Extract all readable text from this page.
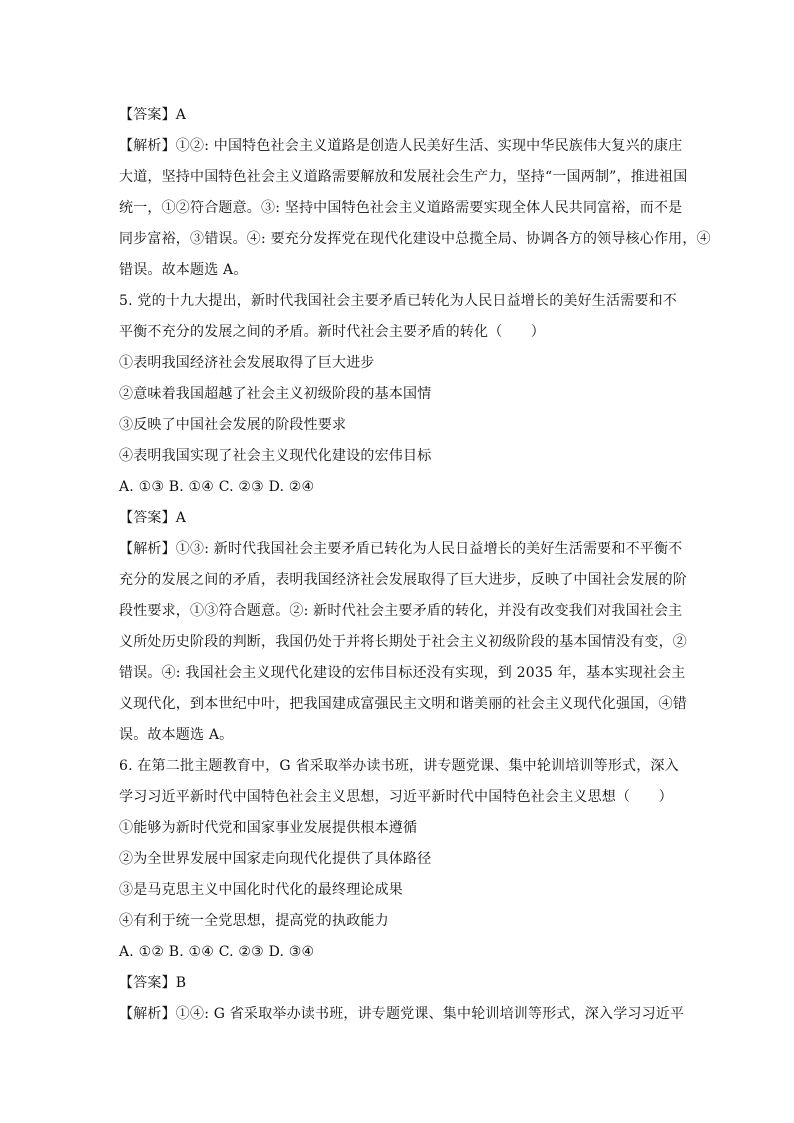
【答案】A
【解析】①②: 中国特色社会主义道路是创造人民美好生活、实现中华民族伟大复兴的康庄
大道，坚持中国特色社会主义道路需要解放和发展社会生产力，坚持“一国两制”，推进祖国
统一，①②符合题意。③: 坚持中国特色社会主义道路需要实现全体人民共同富裕，而不是
同步富裕，③错误。④: 要充分发挥党在现代化建设中总揽全局、协调各方的领导核心作用，④
错误。故本题选 A。
5. 党的十九大提出，新时代我国社会主要矛盾已转化为人民日益增长的美好生活需要和不
平衡不充分的发展之间的矛盾。新时代社会主要矛盾的转化（　　）
①表明我国经济社会发展取得了巨大进步
②意味着我国超越了社会主义初级阶段的基本国情
③反映了中国社会发展的阶段性要求
④表明我国实现了社会主义现代化建设的宏伟目标
A. ①③ B. ①④ C. ②③ D. ②④
【答案】A
【解析】①③: 新时代我国社会主要矛盾已转化为人民日益增长的美好生活需要和不平衡不
充分的发展之间的矛盾，表明我国经济社会发展取得了巨大进步，反映了中国社会发展的阶
段性要求，①③符合题意。②: 新时代社会主要矛盾的转化，并没有改变我们对我国社会主
义所处历史阶段的判断，我国仍处于并将长期处于社会主义初级阶段的基本国情没有变，②
错误。④: 我国社会主义现代化建设的宏伟目标还没有实现，到 2035 年，基本实现社会主
义现代化，到本世纪中叶，把我国建成富强民主文明和谐美丽的社会主义现代化强国，④错
误。故本题选 A。
6. 在第二批主题教育中，G 省采取举办读书班，讲专题党课、集中轮训培训等形式，深入
学习习近平新时代中国特色社会主义思想，习近平新时代中国特色社会主义思想（　　）
①能够为新时代党和国家事业发展提供根本遵循
②为全世界发展中国家走向现代化提供了具体路径
③是马克思主义中国化时代化的最终理论成果
④有利于统一全党思想，提高党的执政能力
A. ①② B. ①④ C. ②③ D. ③④
【答案】B
【解析】①④: G 省采取举办读书班，讲专题党课、集中轮训培训等形式，深入学习习近平
